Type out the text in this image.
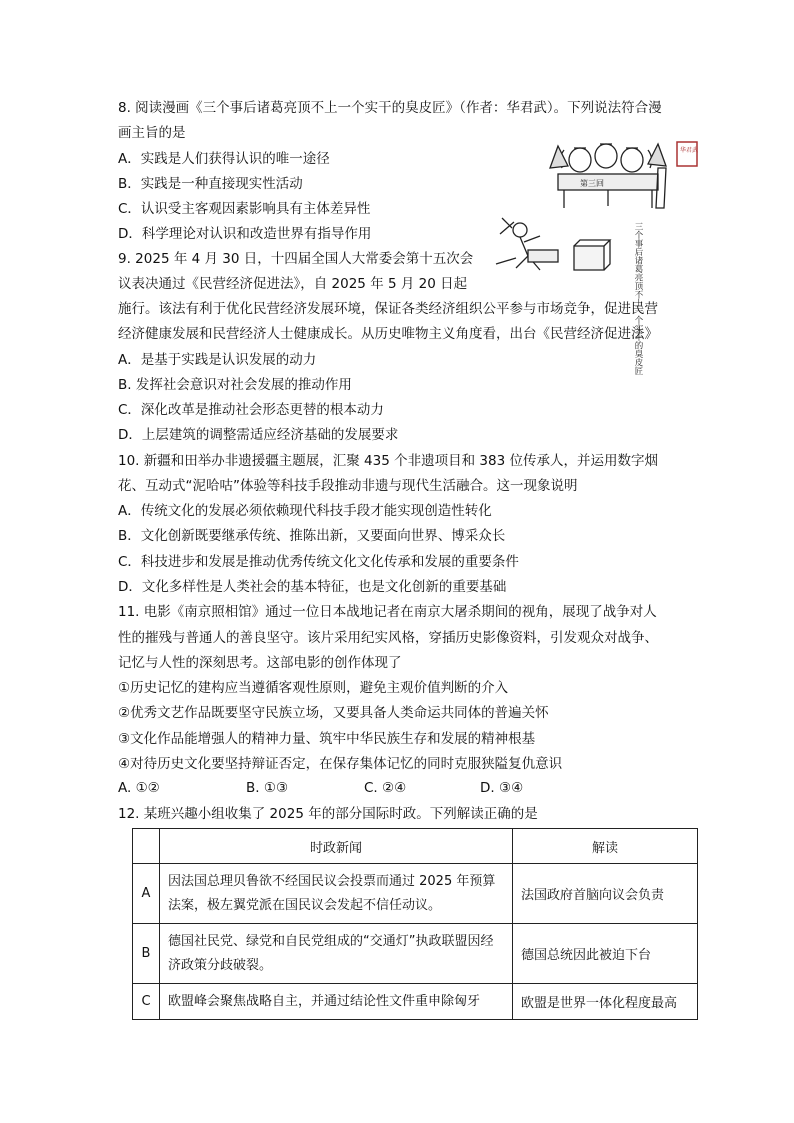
8. 阅读漫画《三个事后诸葛亮顶不上一个实干的臭皮匠》（作者：华君武）。下列说法符合漫
画主旨的是
A．实践是人们获得认识的唯一途径
B．实践是一种直接现实性活动
C．认识受主客观因素影响具有主体差异性
D．科学理论对认识和改造世界有指导作用
第三回
三个事后诸葛亮顶不上一个实干的臭皮匠
华君武
9. 2025 年 4 月 30 日，十四届全国人大常委会第十五次会
议表决通过《民营经济促进法》，自 2025 年 5 月 20 日起
施行。该法有利于优化民营经济发展环境，保证各类经济组织公平参与市场竞争，促进民营
经济健康发展和民营经济人士健康成长。从历史唯物主义角度看，出台《民营经济促进法》
A．是基于实践是认识发展的动力
B. 发挥社会意识对社会发展的推动作用
C．深化改革是推动社会形态更替的根本动力
D．上层建筑的调整需适应经济基础的发展要求
10. 新疆和田举办非遗援疆主题展，汇聚 435 个非遗项目和 383 位传承人，并运用数字烟
花、互动式“泥哈咕”体验等科技手段推动非遗与现代生活融合。这一现象说明
A．传统文化的发展必须依赖现代科技手段才能实现创造性转化
B．文化创新既要继承传统、推陈出新，又要面向世界、博采众长
C．科技进步和发展是推动优秀传统文化文化传承和发展的重要条件
D．文化多样性是人类社会的基本特征，也是文化创新的重要基础
11. 电影《南京照相馆》通过一位日本战地记者在南京大屠杀期间的视角，展现了战争对人
性的摧残与普通人的善良坚守。该片采用纪实风格，穿插历史影像资料，引发观众对战争、
记忆与人性的深刻思考。这部电影的创作体现了
①历史记忆的建构应当遵循客观性原则，避免主观价值判断的介入
②优秀文艺作品既要坚守民族立场，又要具备人类命运共同体的普遍关怀
③文化作品能增强人的精神力量、筑牢中华民族生存和发展的精神根基
④对待历史文化要坚持辩证否定，在保存集体记忆的同时克服狭隘复仇意识
A. ①②	B. ①③	C. ②④	D. ③④
12. 某班兴趣小组收集了 2025 年的部分国际时政。下列解读正确的是
	时政新闻	解读
A	因法国总理贝鲁欲不经国民议会投票而通过 2025 年预算法案，极左翼党派在国民议会发起不信任动议。	法国政府首脑向议会负责
B	德国社民党、绿党和自民党组成的“交通灯”执政联盟因经济政策分歧破裂。	德国总统因此被迫下台
C	欧盟峰会聚焦战略自主，并通过结论性文件重申除匈牙	欧盟是世界一体化程度最高
